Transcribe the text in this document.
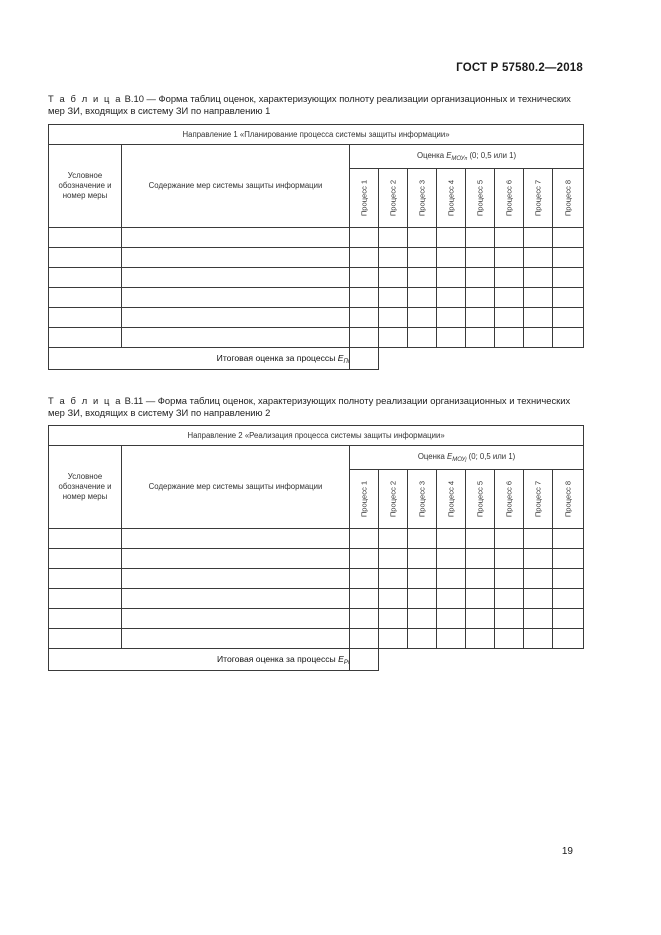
ГОСТ Р 57580.2—2018
Т а б л и ц а В.10 — Форма таблиц оценок, характеризующих полноту реализации организационных и технических мер ЗИ, входящих в систему ЗИ по направлению 1
Направление 1 «Планирование процесса системы защиты информации»									
Условное обозначение и номер меры	Содержание мер системы защиты информации	Оценка $E_{МОУп}$ (0; 0,5 или 1)							

		Процесс 1	Процесс 2	Процесс 3	Процесс 4	Процесс 5	Процесс 6	Процесс 7	Процесс 8

Итоговая оценка за процессы $E_{Пi}$		
Т а б л и ц а В.11 — Форма таблиц оценок, характеризующих полноту реализации организационных и технических мер ЗИ, входящих в систему ЗИ по направлению 2
Направление 2 «Реализация процесса системы защиты информации»									
Условное обозначение и номер меры	Содержание мер системы защиты информации	Оценка $E_{МОУj}$ (0; 0,5 или 1)							

		Процесс 1	Процесс 2	Процесс 3	Процесс 4	Процесс 5	Процесс 6	Процесс 7	Процесс 8

Итоговая оценка за процессы $E_{Рi}$		
19
